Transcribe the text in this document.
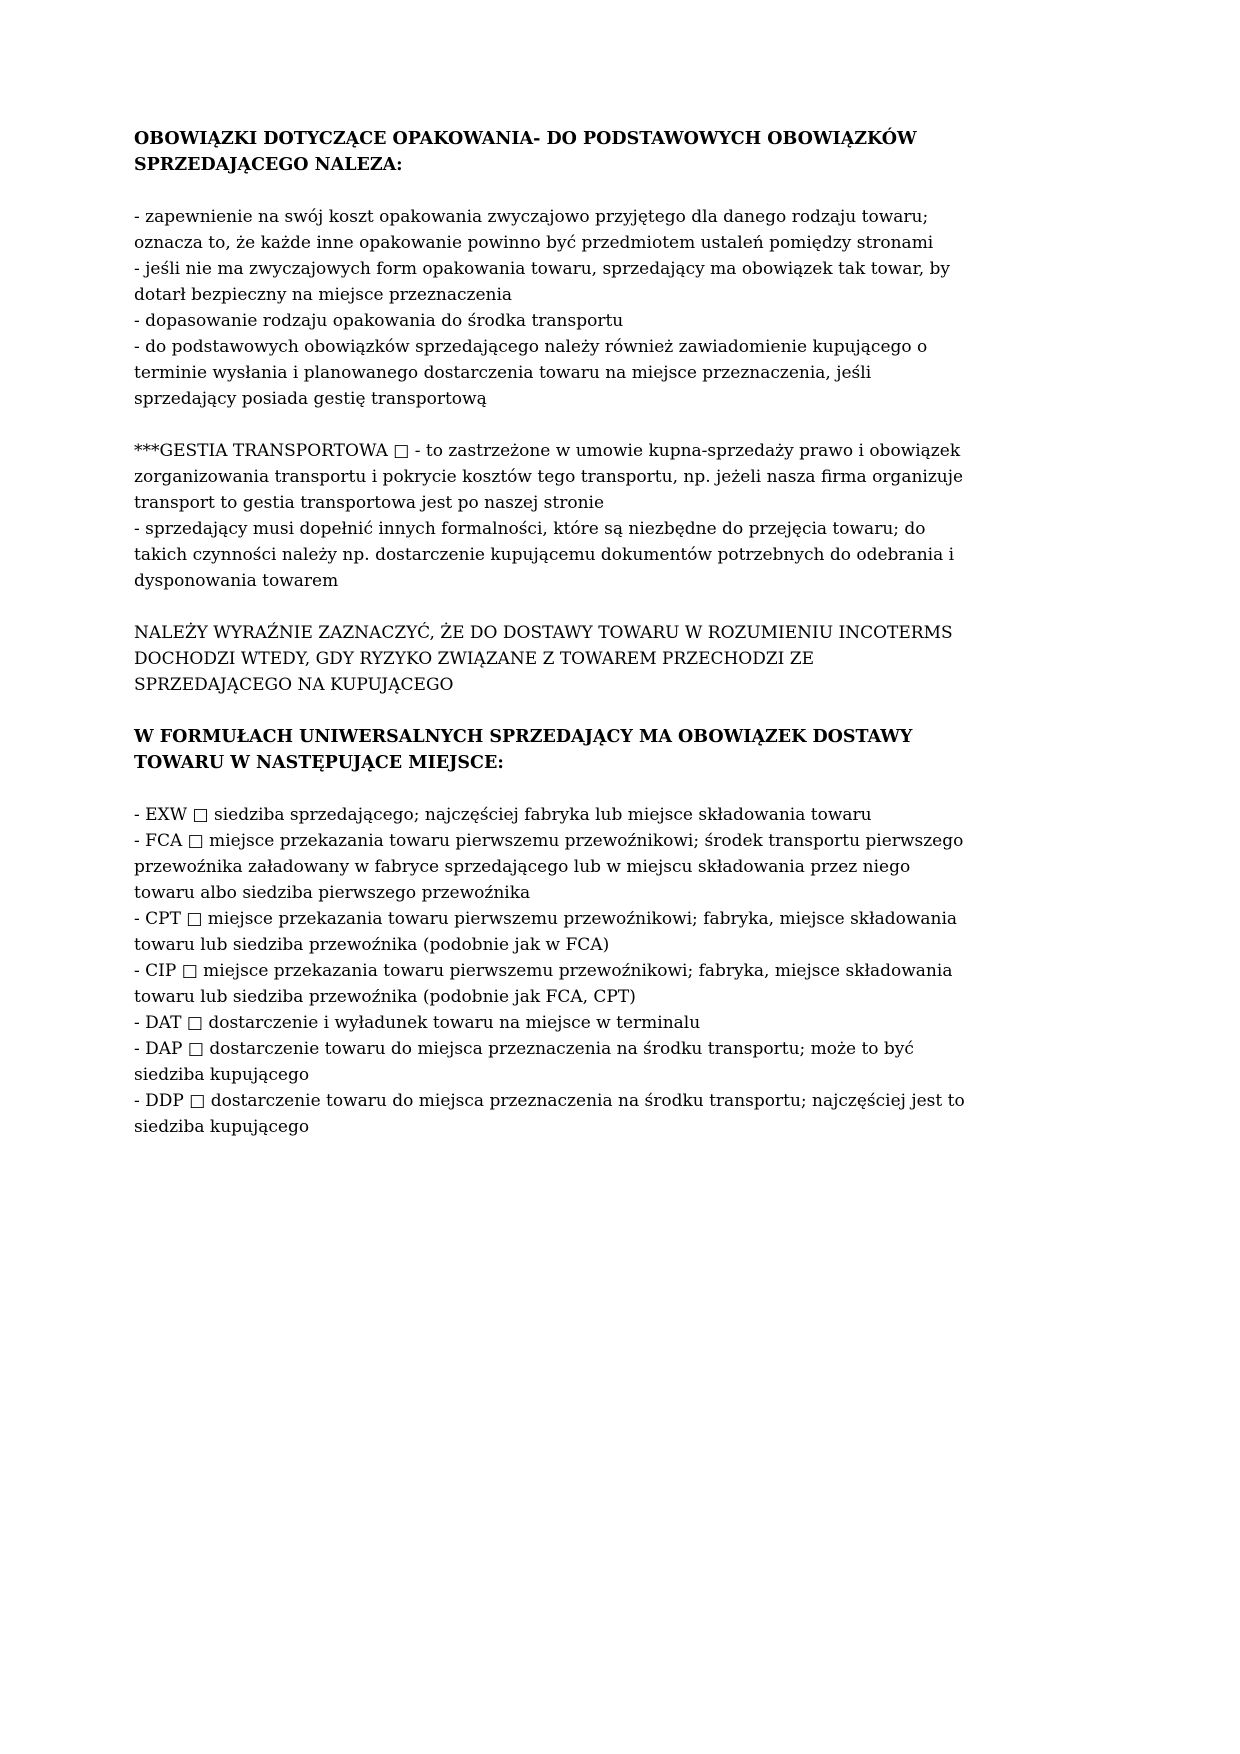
OBOWIĄZKI DOTYCZĄCE OPAKOWANIA- DO PODSTAWOWYCH OBOWIĄZKÓW SPRZEDAJĄCEGO NALEZA:

- zapewnienie na swój koszt opakowania zwyczajowo przyjętego dla danego rodzaju towaru; oznacza to, że każde inne opakowanie powinno być przedmiotem ustaleń pomiędzy stronami

- jeśli nie ma zwyczajowych form opakowania towaru, sprzedający ma obowiązek tak towar, by dotarł bezpieczny na miejsce przeznaczenia

- dopasowanie rodzaju opakowania do środka transportu

- do podstawowych obowiązków sprzedającego należy również zawiadomienie kupującego o terminie wysłania i planowanego dostarczenia towaru na miejsce przeznaczenia, jeśli sprzedający posiada gestię transportową

***GESTIA TRANSPORTOWA □ - to zastrzeżone w umowie kupna-sprzedaży prawo i obowiązek zorganizowania transportu i pokrycie kosztów tego transportu, np. jeżeli nasza firma organizuje transport to gestia transportowa jest po naszej stronie

- sprzedający musi dopełnić innych formalności, które są niezbędne do przejęcia towaru; do takich czynności należy np. dostarczenie kupującemu dokumentów potrzebnych do odebrania i dysponowania towarem

NALEŻY WYRAŹNIE ZAZNACZYĆ, ŻE DO DOSTAWY TOWARU W ROZUMIENIU INCOTERMS DOCHODZI WTEDY, GDY RYZYKO ZWIĄZANE Z TOWAREM PRZECHODZI ZE SPRZEDAJĄCEGO NA KUPUJĄCEGO

W FORMUŁACH UNIWERSALNYCH SPRZEDAJĄCY MA OBOWIĄZEK DOSTAWY TOWARU W NASTĘPUJĄCE MIEJSCE:

- EXW □ siedziba sprzedającego; najczęściej fabryka lub miejsce składowania towaru

- FCA □ miejsce przekazania towaru pierwszemu przewoźnikowi; środek transportu pierwszego przewoźnika załadowany w fabryce sprzedającego lub w miejscu składowania przez niego towaru albo siedziba pierwszego przewoźnika

- CPT □ miejsce przekazania towaru pierwszemu przewoźnikowi; fabryka, miejsce składowania towaru lub siedziba przewoźnika (podobnie jak w FCA)

- CIP □ miejsce przekazania towaru pierwszemu przewoźnikowi; fabryka, miejsce składowania towaru lub siedziba przewoźnika (podobnie jak FCA, CPT)

- DAT □ dostarczenie i wyładunek towaru na miejsce w terminalu

- DAP □ dostarczenie towaru do miejsca przeznaczenia na środku transportu; może to być siedziba kupującego

- DDP □ dostarczenie towaru do miejsca przeznaczenia na środku transportu; najczęściej jest to siedziba kupującego
